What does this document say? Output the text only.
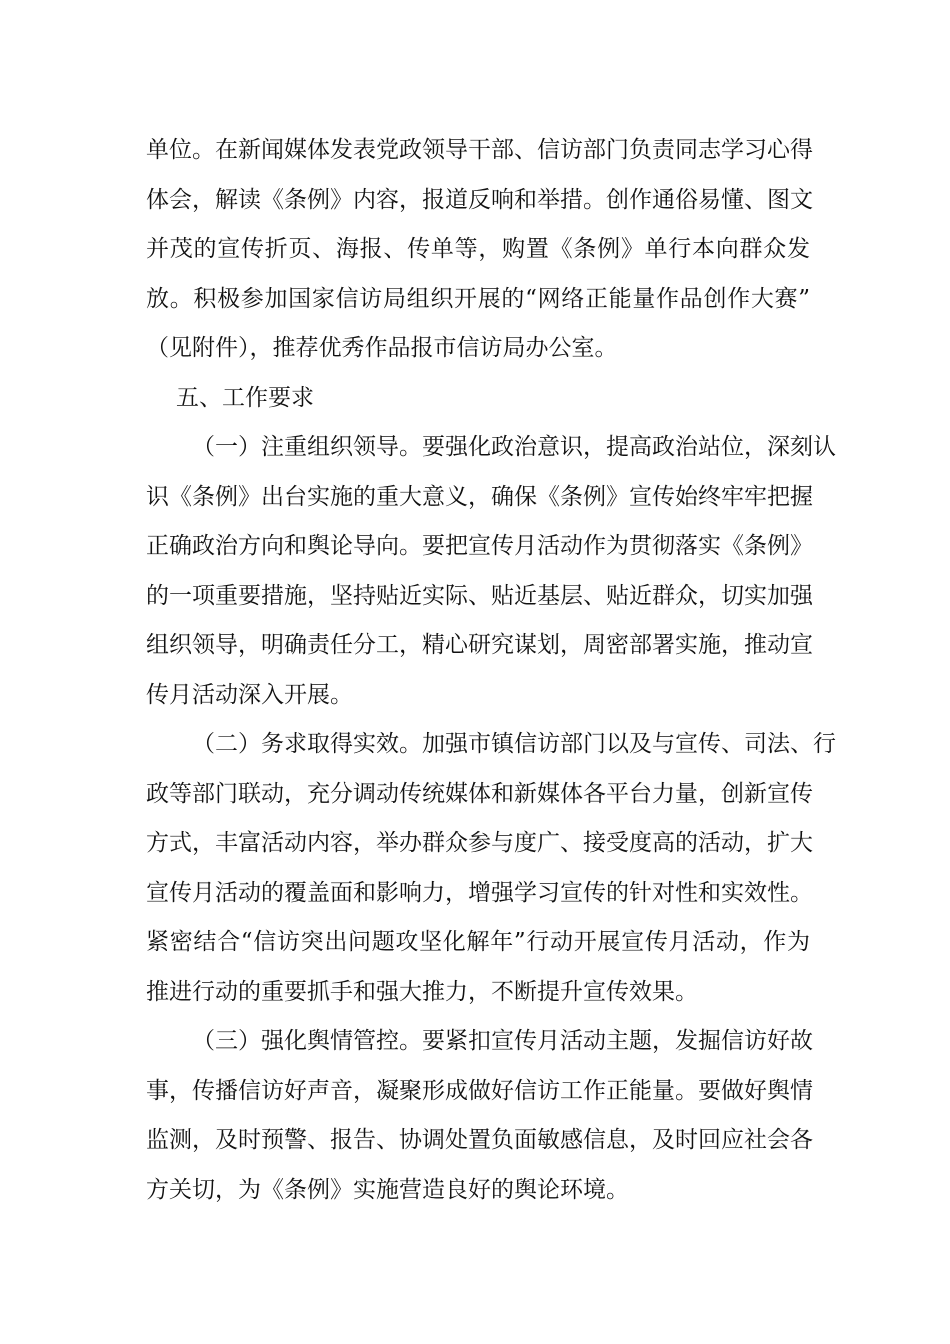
单位。在新闻媒体发表党政领导干部、信访部门负责同志学习心得
体会，解读《条例》内容，报道反响和举措。创作通俗易懂、图文
并茂的宣传折页、海报、传单等，购置《条例》单行本向群众发
放。积极参加国家信访局组织开展的“网络正能量作品创作大赛”
（见附件），推荐优秀作品报市信访局办公室。
五、工作要求
（一）注重组织领导。要强化政治意识，提高政治站位，深刻认
识《条例》出台实施的重大意义，确保《条例》宣传始终牢牢把握
正确政治方向和舆论导向。要把宣传月活动作为贯彻落实《条例》
的一项重要措施，坚持贴近实际、贴近基层、贴近群众，切实加强
组织领导，明确责任分工，精心研究谋划，周密部署实施，推动宣
传月活动深入开展。
（二）务求取得实效。加强市镇信访部门以及与宣传、司法、行
政等部门联动，充分调动传统媒体和新媒体各平台力量，创新宣传
方式，丰富活动内容，举办群众参与度广、接受度高的活动，扩大
宣传月活动的覆盖面和影响力，增强学习宣传的针对性和实效性。
紧密结合“信访突出问题攻坚化解年”行动开展宣传月活动，作为
推进行动的重要抓手和强大推力，不断提升宣传效果。
（三）强化舆情管控。要紧扣宣传月活动主题，发掘信访好故
事，传播信访好声音，凝聚形成做好信访工作正能量。要做好舆情
监测，及时预警、报告、协调处置负面敏感信息，及时回应社会各
方关切，为《条例》实施营造良好的舆论环境。
